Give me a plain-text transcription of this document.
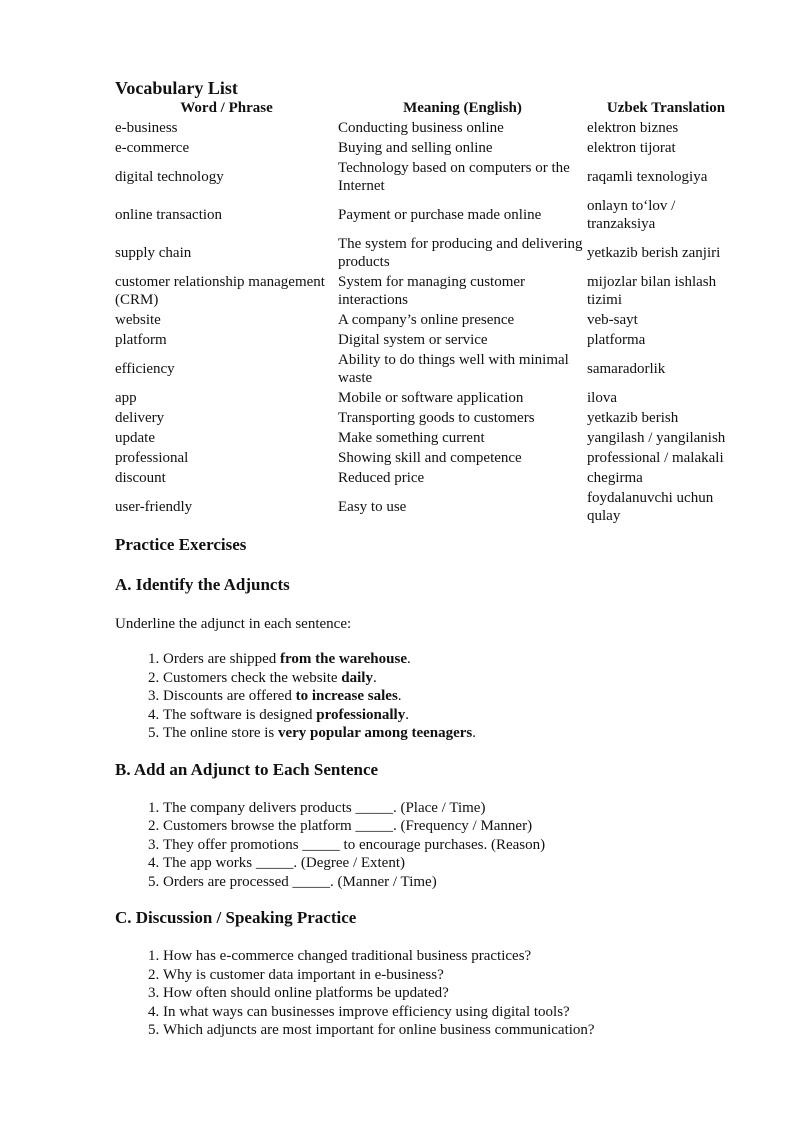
Vocabulary List
Word / Phrase	Meaning (English)	Uzbek Translation
e-business	Conducting business online	elektron biznes
e-commerce	Buying and selling online	elektron tijorat
digital technology	Technology based on computers or the Internet	raqamli texnologiya
online transaction	Payment or purchase made online	onlayn to‘lov / tranzaksiya
supply chain	The system for producing and delivering products	yetkazib berish zanjiri
customer relationship management (CRM)	System for managing customer interactions	mijozlar bilan ishlash tizimi
website	A company’s online presence	veb-sayt
platform	Digital system or service	platforma
efficiency	Ability to do things well with minimal waste	samaradorlik
app	Mobile or software application	ilova
delivery	Transporting goods to customers	yetkazib berish
update	Make something current	yangilash / yangilanish
professional	Showing skill and competence	professional / malakali
discount	Reduced price	chegirma
user-friendly	Easy to use	foydalanuvchi uchun qulay
Practice Exercises
A. Identify the Adjuncts

Underline the adjunct in each sentence:

1. Orders are shipped from the warehouse.
2. Customers check the website daily.
3. Discounts are offered to increase sales.
4. The software is designed professionally.
5. The online store is very popular among teenagers.
B. Add an Adjunct to Each Sentence
1. The company delivers products _____. (Place / Time)
2. Customers browse the platform _____. (Frequency / Manner)
3. They offer promotions _____ to encourage purchases. (Reason)
4. The app works _____. (Degree / Extent)
5. Orders are processed _____. (Manner / Time)
C. Discussion / Speaking Practice
1. How has e-commerce changed traditional business practices?
2. Why is customer data important in e-business?
3. How often should online platforms be updated?
4. In what ways can businesses improve efficiency using digital tools?
5. Which adjuncts are most important for online business communication?
